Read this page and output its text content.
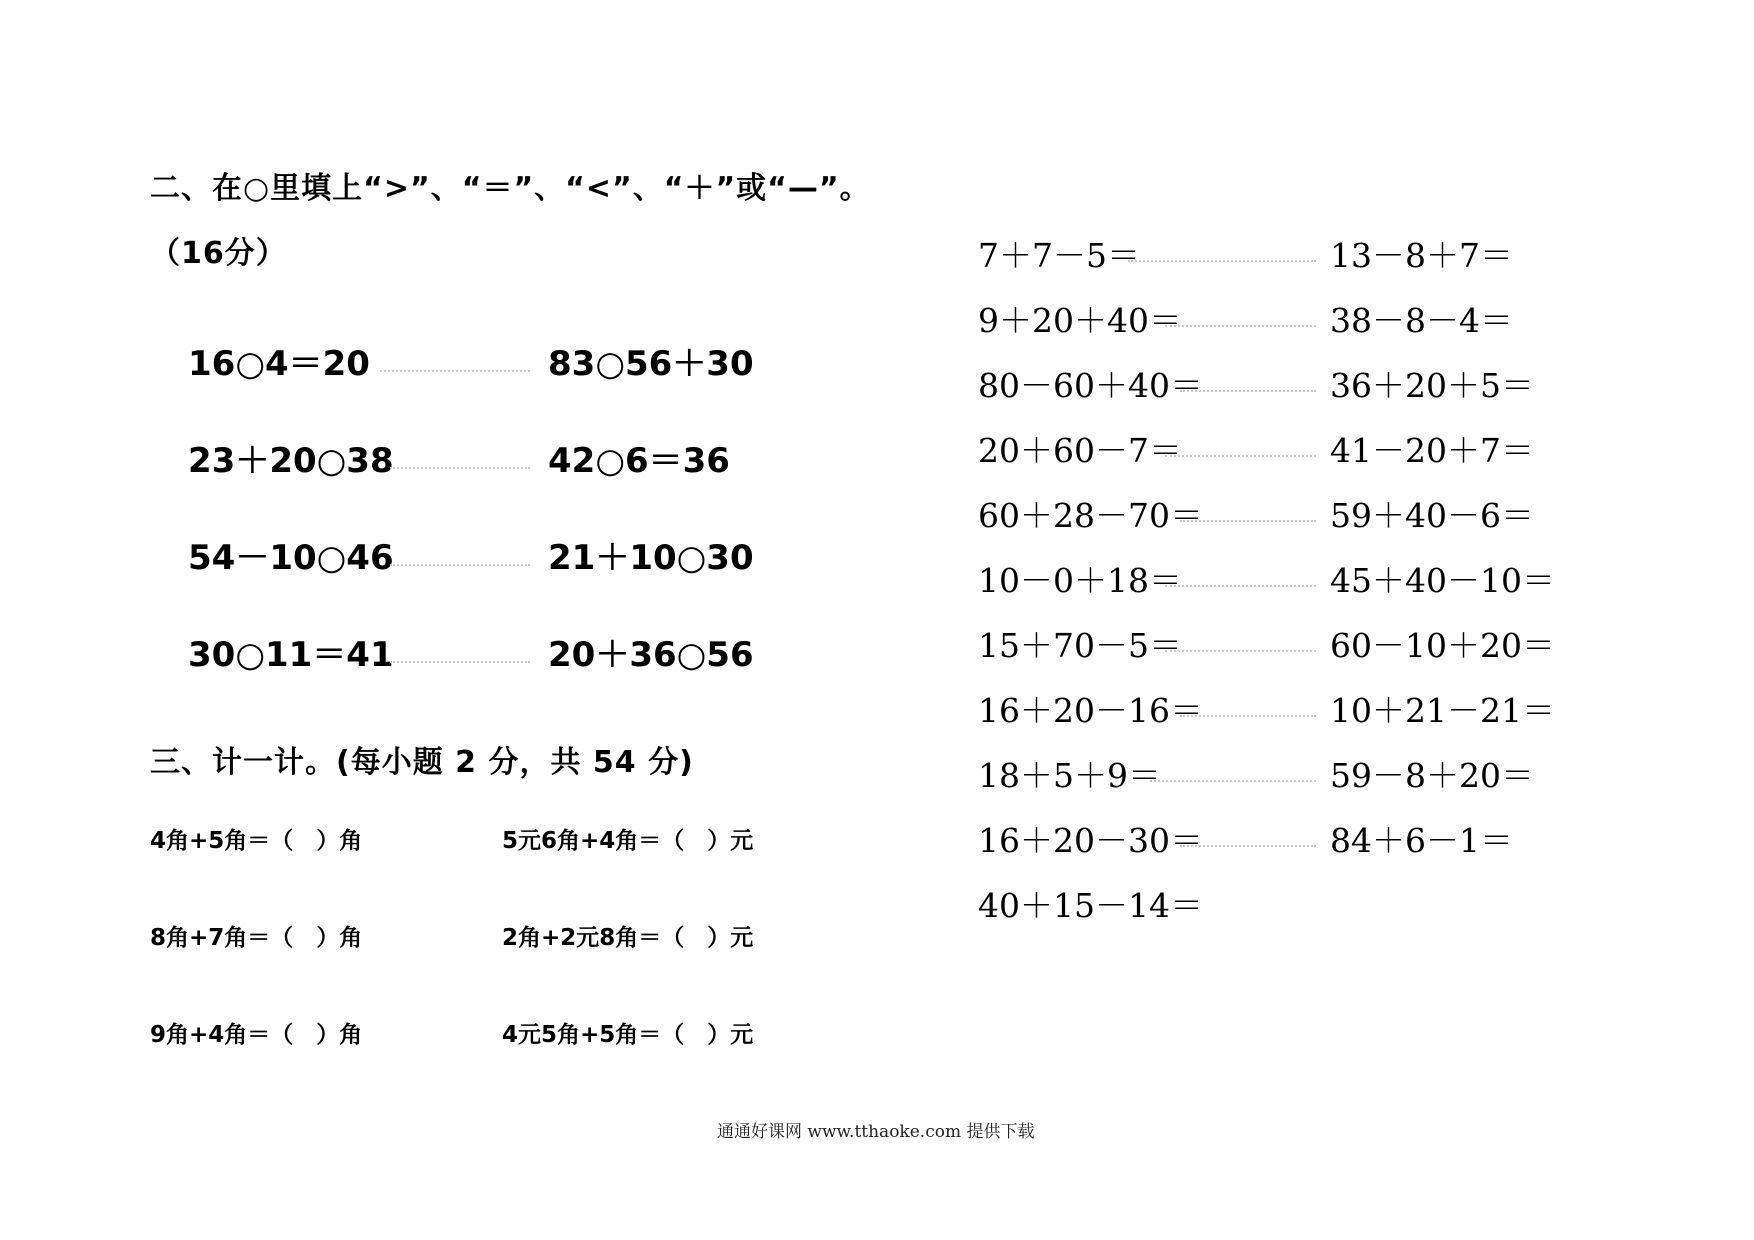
二、在○里填上“>”、“＝”、“<”、“＋”或“—”。
（16分）
16○4＝20	83○56＋30
23＋20○38	42○6＝36
54－10○46	21＋10○30
30○11＝41	20＋36○56
三、计一计。(每小题 2 分，共 54 分)
4角+5角＝（　）角	5元6角+4角＝（　）元
8角+7角＝（　）角	2角+2元8角＝（　）元
9角+4角＝（　）角	4元5角+5角＝（　）元
7＋7－5＝	13－8＋7＝
9＋20＋40＝	38－8－4＝
80－60＋40＝	36＋20＋5＝
20＋60－7＝	41－20＋7＝
60＋28－70＝	59＋40－6＝
10－0＋18＝	45＋40－10＝
15＋70－5＝	60－10＋20＝
16＋20－16＝	10＋21－21＝
18＋5＋9＝	59－8＋20＝
16＋20－30＝	84＋6－1＝
40＋15－14＝
通通好课网 www.tthaoke.com 提供下载
